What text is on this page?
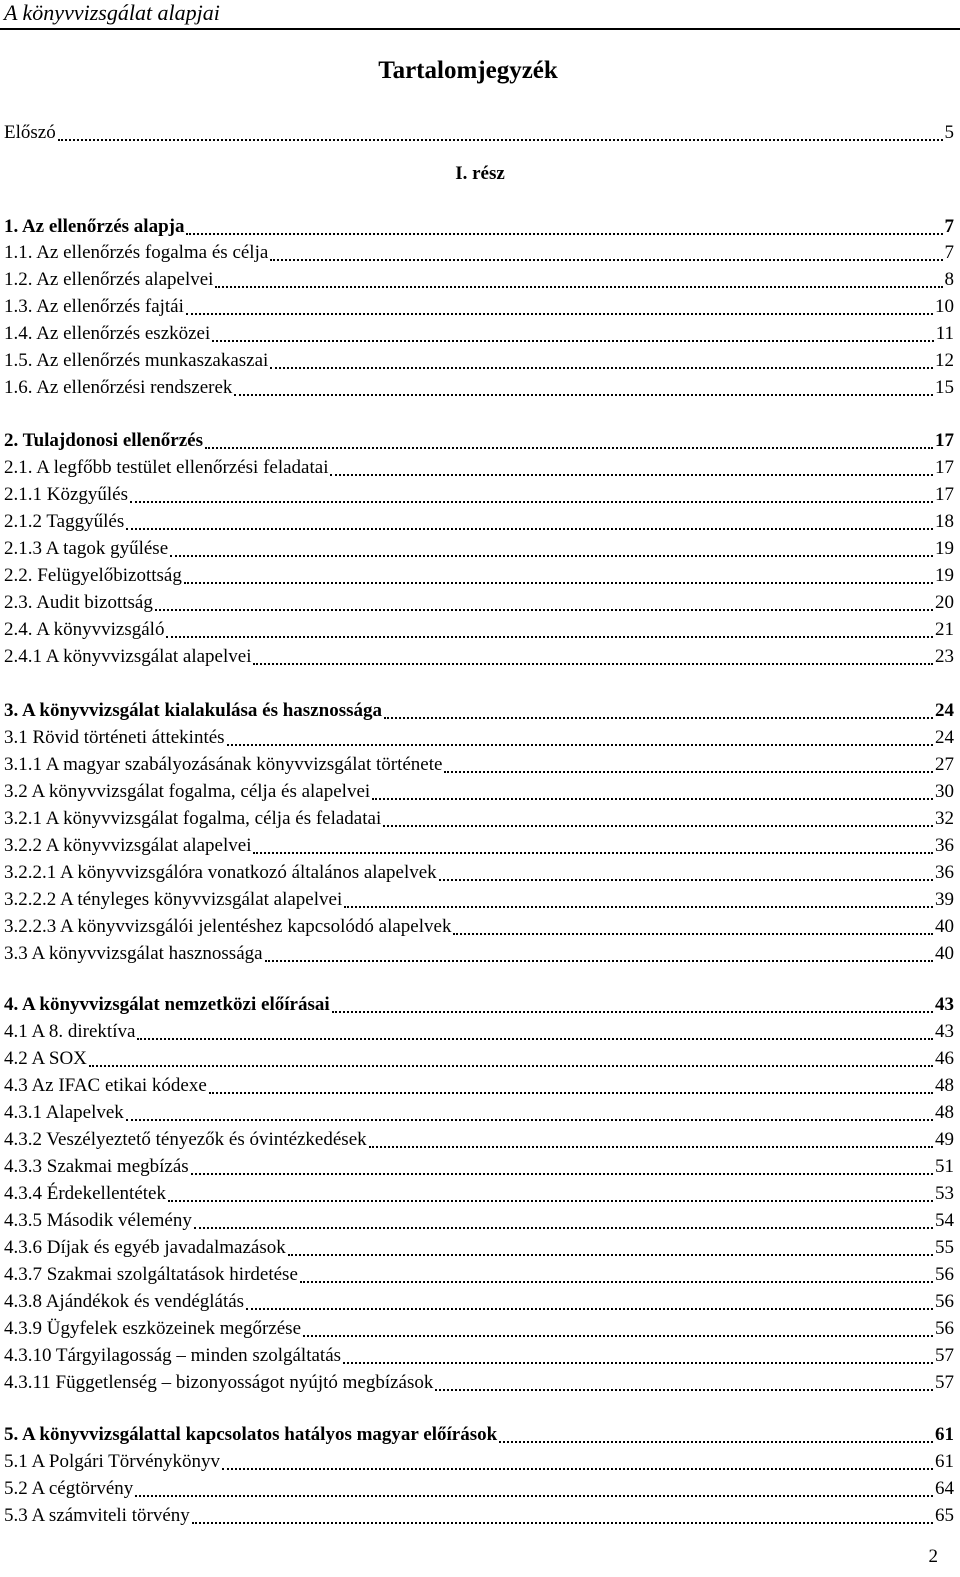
A könyvvizsgálat alapjai
Tartalomjegyzék
I. rész
Előszó	5
1. Az ellenőrzés alapja	7
1.1. Az ellenőrzés fogalma és célja	7
1.2. Az ellenőrzés alapelvei	8
1.3. Az ellenőrzés fajtái	10
1.4. Az ellenőrzés eszközei	11
1.5. Az ellenőrzés munkaszakaszai	12
1.6. Az ellenőrzési rendszerek	15
2. Tulajdonosi ellenőrzés	17
2.1. A legfőbb testület ellenőrzési feladatai	17
2.1.1 Közgyűlés	17
2.1.2 Taggyűlés	18
2.1.3 A tagok gyűlése	19
2.2. Felügyelőbizottság	19
2.3. Audit bizottság	20
2.4. A könyvvizsgáló	21
2.4.1 A könyvvizsgálat alapelvei	23
3. A könyvvizsgálat kialakulása és hasznossága	24
3.1 Rövid történeti áttekintés	24
3.1.1 A magyar szabályozásának könyvvizsgálat története	27
3.2 A könyvvizsgálat fogalma, célja és alapelvei	30
3.2.1 A könyvvizsgálat fogalma, célja és feladatai	32
3.2.2 A könyvvizsgálat alapelvei	36
3.2.2.1 A könyvvizsgálóra vonatkozó általános alapelvek	36
3.2.2.2 A tényleges könyvvizsgálat alapelvei	39
3.2.2.3 A könyvvizsgálói jelentéshez kapcsolódó alapelvek	40
3.3 A könyvvizsgálat hasznossága	40
4. A könyvvizsgálat nemzetközi előírásai	43
4.1 A 8. direktíva	43
4.2 A SOX	46
4.3 Az IFAC etikai kódexe	48
4.3.1 Alapelvek	48
4.3.2 Veszélyeztető tényezők és óvintézkedések	49
4.3.3 Szakmai megbízás	51
4.3.4 Érdekellentétek	53
4.3.5 Második vélemény	54
4.3.6 Díjak és egyéb javadalmazások	55
4.3.7 Szakmai szolgáltatások hirdetése	56
4.3.8 Ajándékok és vendéglátás	56
4.3.9 Ügyfelek eszközeinek megőrzése	56
4.3.10 Tárgyilagosság – minden szolgáltatás	57
4.3.11 Függetlenség – bizonyosságot nyújtó megbízások	57
5. A könyvvizsgálattal kapcsolatos hatályos magyar előírások	61
5.1 A Polgári Törvénykönyv	61
5.2 A cégtörvény	64
5.3 A számviteli törvény	65
2
